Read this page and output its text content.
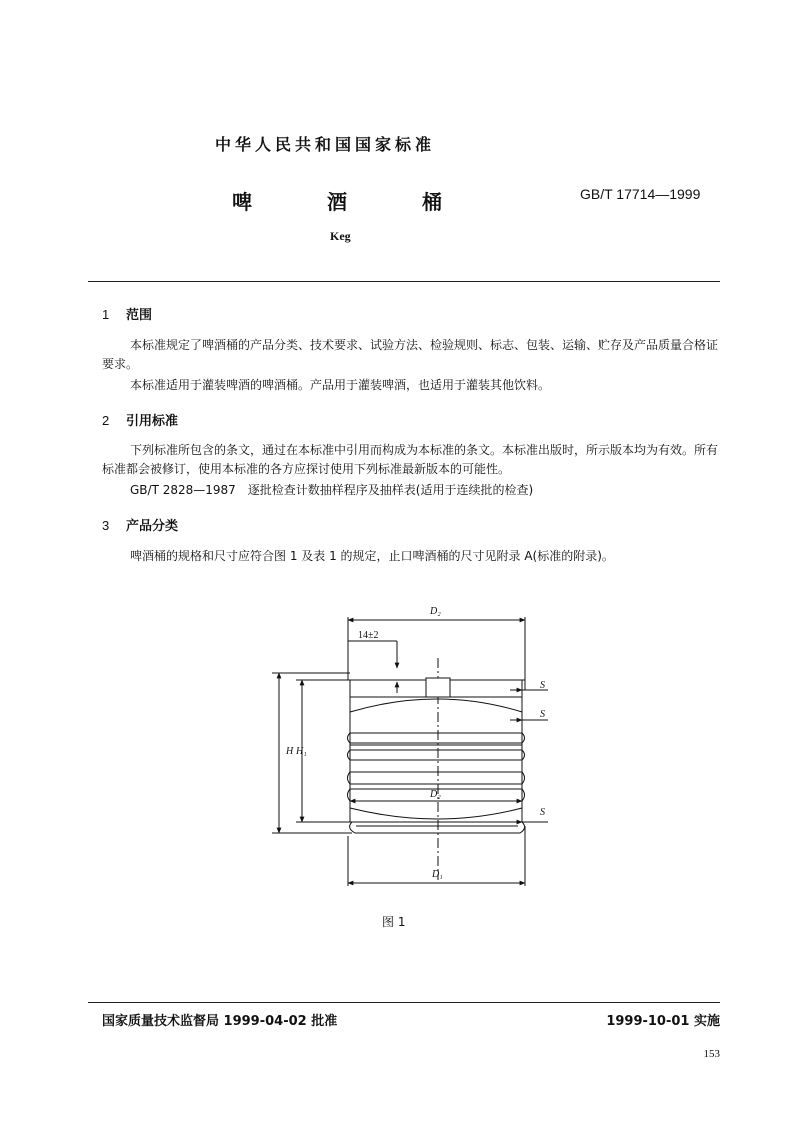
中华人民共和国国家标准
啤	酒	桶	GB/T 17714—1999
Keg
1 范围
本标准规定了啤酒桶的产品分类、技术要求、试验方法、检验规则、标志、包装、运输、贮存及产品质量合格证要求。
本标准适用于灌装啤酒的啤酒桶。产品用于灌装啤酒，也适用于灌装其他饮料。
2 引用标准
下列标准所包含的条文，通过在本标准中引用而构成为本标准的条文。本标准出版时，所示版本均为有效。所有标准都会被修订，使用本标准的各方应探讨使用下列标准最新版本的可能性。
GB/T 2828—1987　逐批检查计数抽样程序及抽样表(适用于连续批的检查)
3 产品分类
啤酒桶的规格和尺寸应符合图 1 及表 1 的规定，止口啤酒桶的尺寸见附录 A(标准的附录)。
D₂
14±2
S
S
S
H H₁
D₂
D₁
图 1
国家质量技术监督局 1999-04-02 批准	1999-10-01 实施
153
